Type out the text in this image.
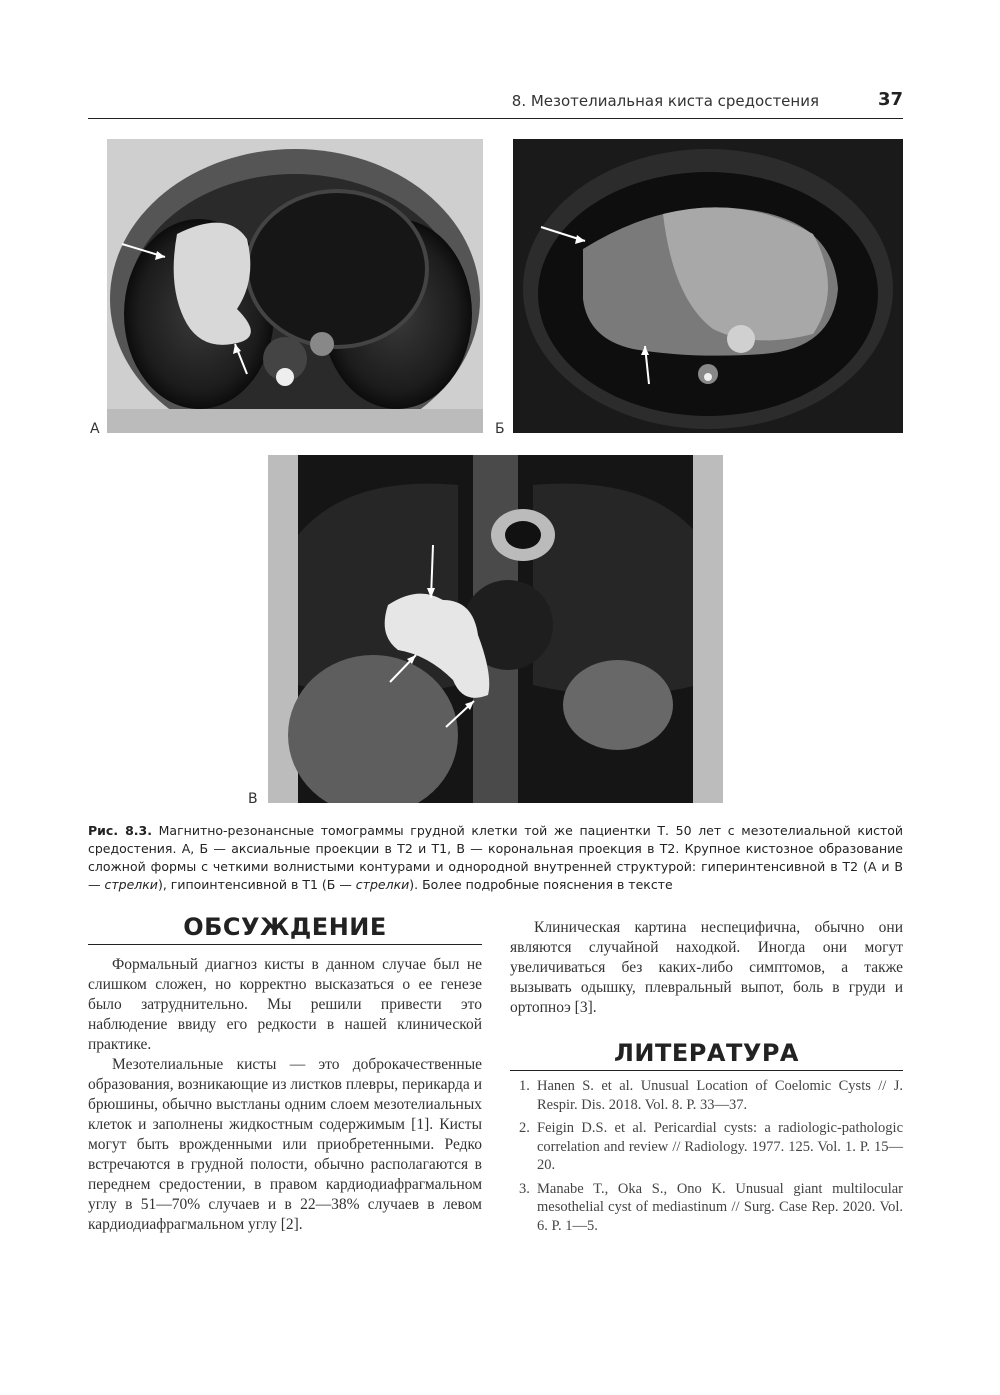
8. Мезотелиальная киста средостения	37
А	Б
В

Рис. 8.3. Магнитно-резонансные томограммы грудной клетки той же пациентки Т. 50 лет с мезотелиальной кистой средостения. А, Б — аксиальные проекции в Т2 и Т1, В — корональная проекция в Т2. Крупное кистозное образование сложной формы с четкими волнистыми контурами и однородной внутренней структурой: гиперинтенсивной в Т2 (А и В — стрелки), гипоинтенсивной в Т1 (Б — стрелки). Более подробные пояснения в тексте

ОБСУЖДЕНИЕ

Формальный диагноз кисты в данном случае был не слишком сложен, но корректно высказаться о ее генезе было затруднительно. Мы решили привести это наблюдение ввиду его редкости в нашей клинической практике.

Мезотелиальные кисты — это доброкачественные образования, возникающие из листков плевры, перикарда и брюшины, обычно выстланы одним слоем мезотелиальных клеток и заполнены жидкостным содержимым [1]. Кисты могут быть врожденными или приобретенными. Редко встречаются в грудной полости, обычно располагаются в переднем средостении, в правом кардиодиафрагмальном углу в 51—70% случаев и в 22—38% случаев в левом кардиодиафрагмальном углу [2].

Клиническая картина неспецифична, обычно они являются случайной находкой. Иногда они могут увеличиваться без каких-либо симптомов, а также вызывать одышку, плевральный выпот, боль в груди и ортопноэ [3].

ЛИТЕРАТУРА
1. Hanen S. et al. Unusual Location of Coelomic Cysts // J. Respir. Dis. 2018. Vol. 8. P. 33—37.
2. Feigin D.S. et al. Pericardial cysts: a radiologic-pathologic correlation and review // Radiology. 1977. 125. Vol. 1. P. 15—20.
3. Manabe T., Oka S., Ono K. Unusual giant multilocular mesothelial cyst of mediastinum // Surg. Case Rep. 2020. Vol. 6. P. 1—5.
